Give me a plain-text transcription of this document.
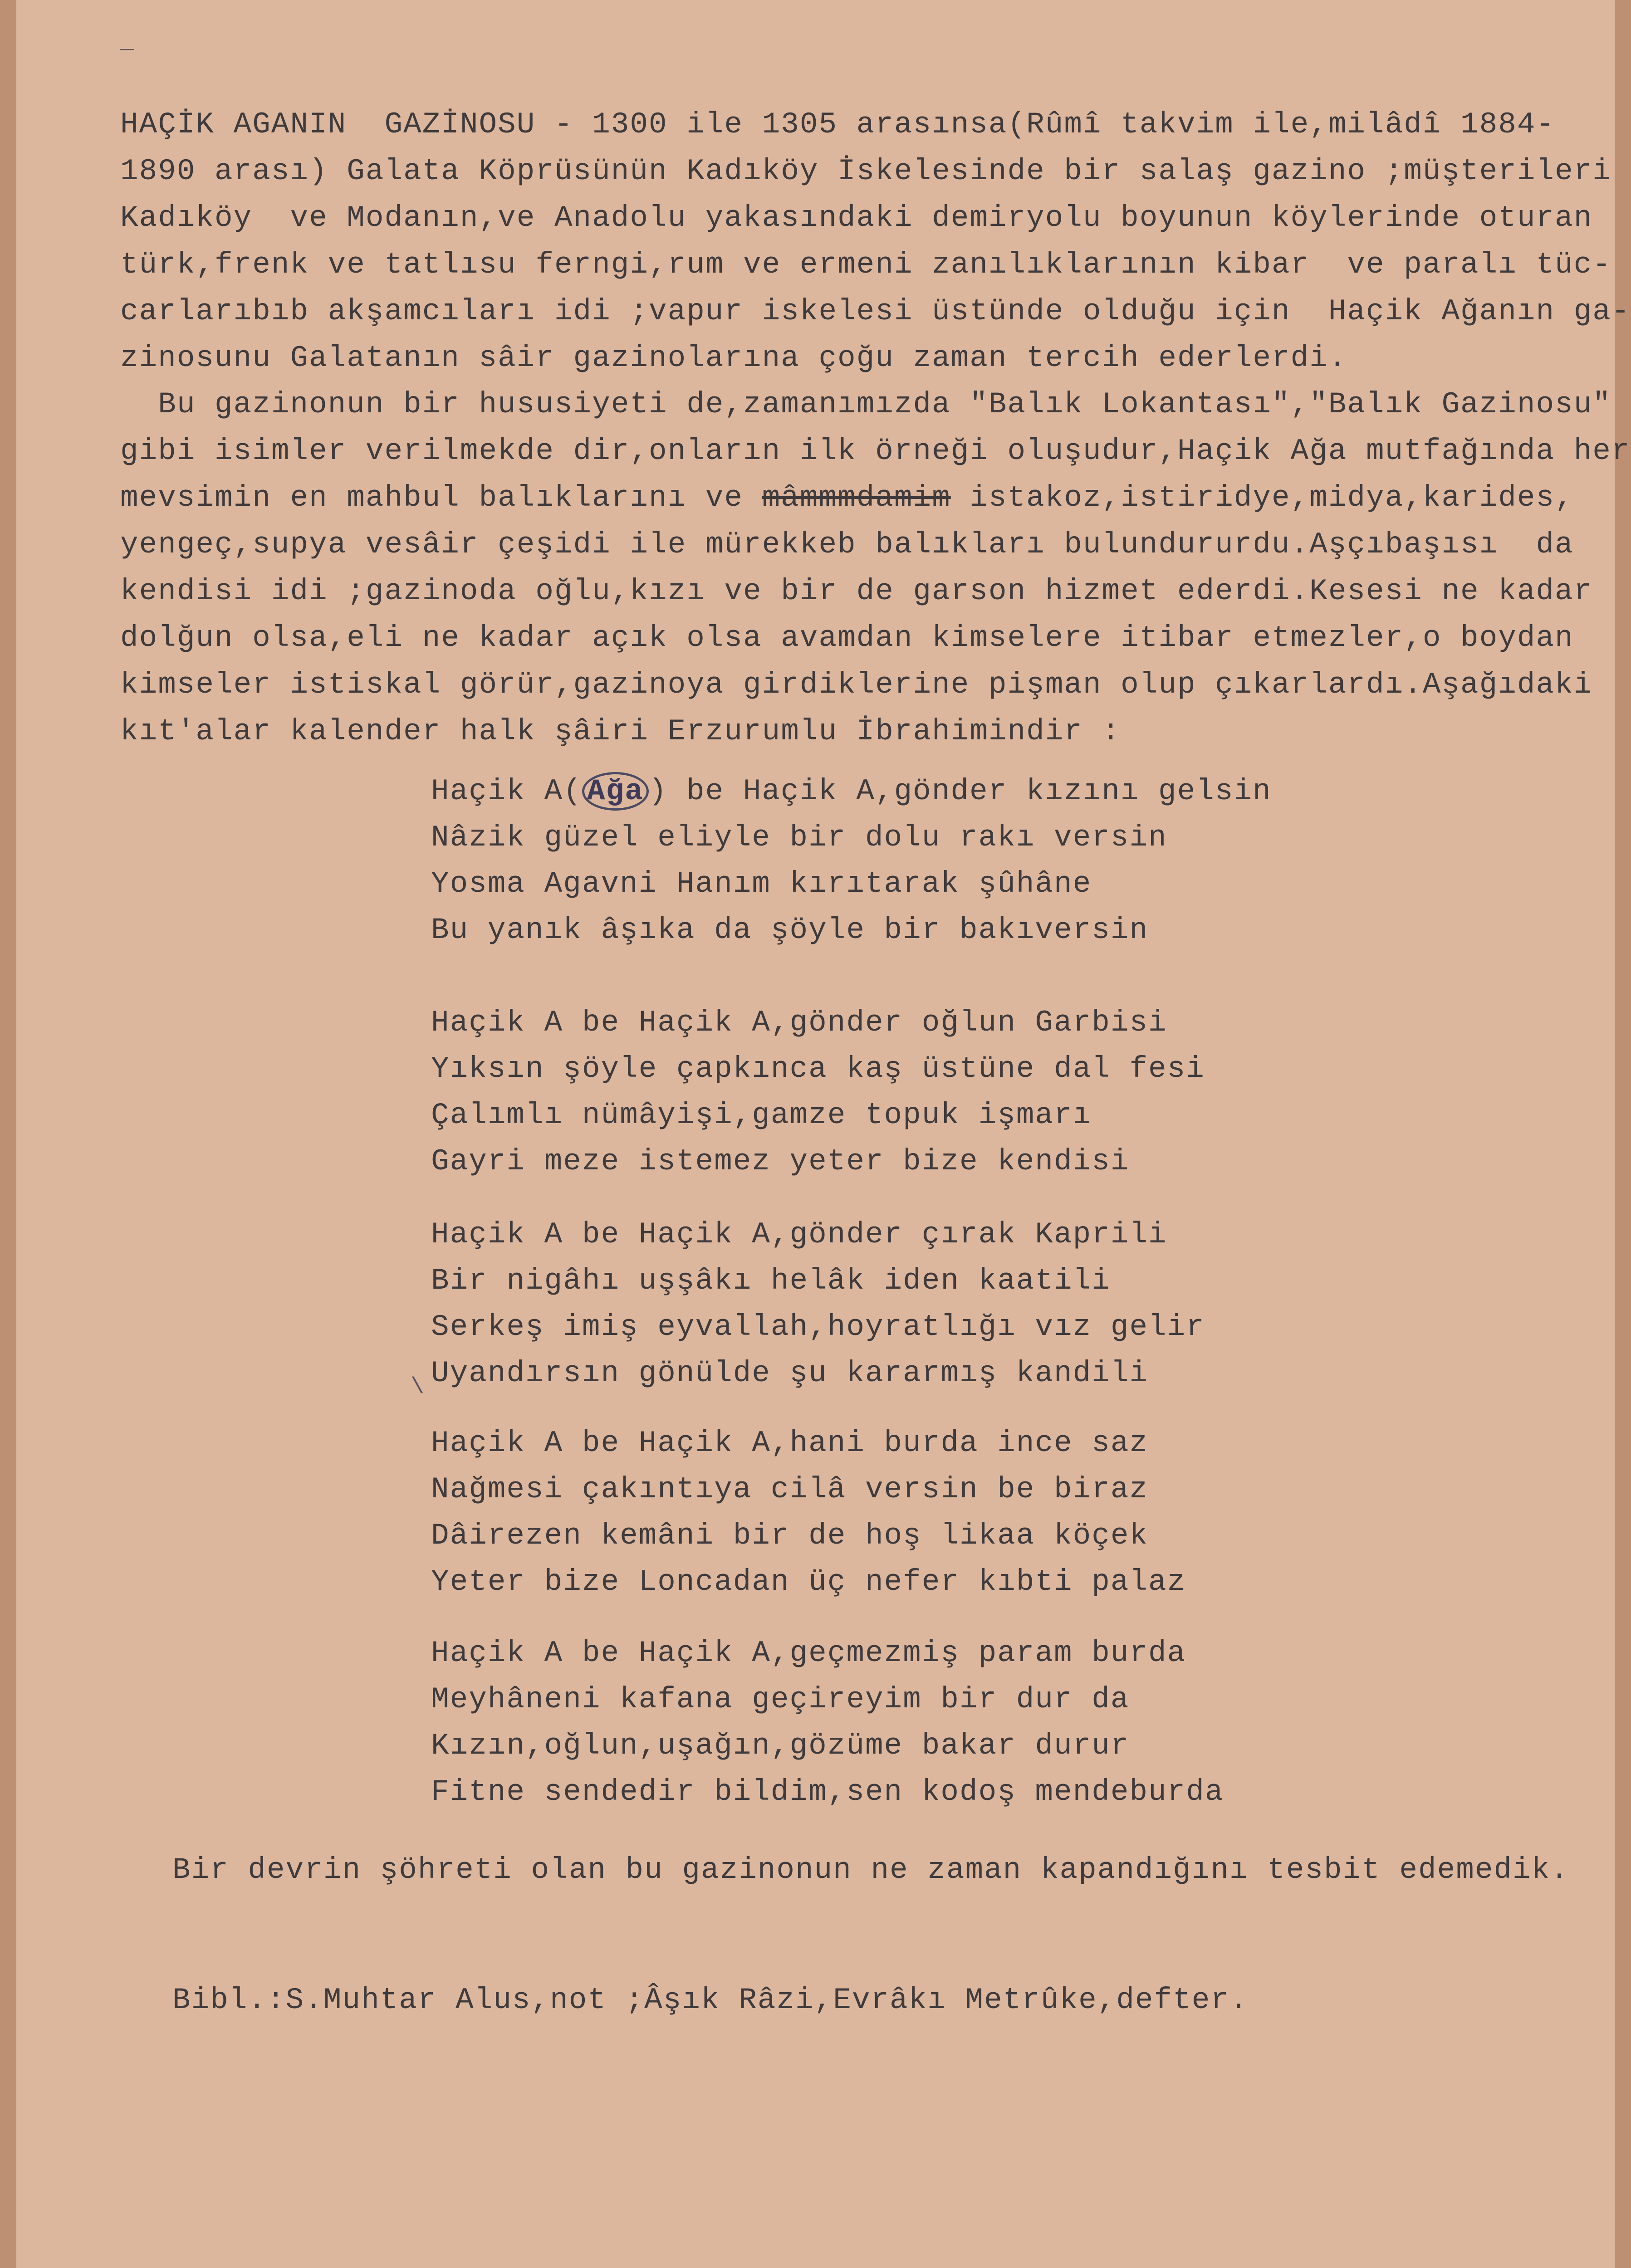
HAÇİK AGANIN  GAZİNOSU - 1300 ile 1305 arasınsa(Rûmî takvim ile,milâdî 1884-

1890 arası) Galata Köprüsünün Kadıköy İskelesinde bir salaş gazino ;müşterileri

Kadıköy  ve Modanın,ve Anadolu yakasındaki demiryolu boyunun köylerinde oturan

türk,frenk ve tatlısu ferngi,rum ve ermeni zanılıklarının kibar  ve paralı tüc-

carlarıbıb akşamcıları idi ;vapur iskelesi üstünde olduğu için  Haçik Ağanın ga-

zinosunu Galatanın sâir gazinolarına çoğu zaman tercih ederlerdi.

Bu gazinonun bir hususiyeti de,zamanımızda "Balık Lokantası","Balık Gazinosu"

gibi isimler verilmekde dir,onların ilk örneği oluşudur,Haçik Ağa mutfağında her

mevsimin en mahbul balıklarını ve mâmmmdamim istakoz,istiridye,midya,karides,

yengeç,supya vesâir çeşidi ile mürekkeb balıkları bulundururdu.Aşçıbaşısı  da

kendisi idi ;gazinoda oğlu,kızı ve bir de garson hizmet ederdi.Kesesi ne kadar

dolğun olsa,eli ne kadar açık olsa avamdan kimselere itibar etmezler,o boydan

kimseler istiskal görür,gazinoya girdiklerine pişman olup çıkarlardı.Aşağıdaki

kıt'alar kalender halk şâiri Erzurumlu İbrahimindir :

Haçik A( Ağa ) be Haçik A,gönder kızını gelsin

Nâzik güzel eliyle bir dolu rakı versin

Yosma Agavni Hanım kırıtarak şûhâne

Bu yanık âşıka da şöyle bir bakıversin

Haçik A be Haçik A,gönder oğlun Garbisi

Yıksın şöyle çapkınca kaş üstüne dal fesi

Çalımlı nümâyişi,gamze topuk işmarı

Gayri meze istemez yeter bize kendisi

Haçik A be Haçik A,gönder çırak Kaprili

Bir nigâhı uşşâkı helâk iden kaatili

Serkeş imiş eyvallah,hoyratlığı vız gelir

Uyandırsın gönülde şu kararmış kandili

Haçik A be Haçik A,hani burda ince saz

Nağmesi çakıntıya cilâ versin be biraz

Dâirezen kemâni bir de hoş likaa köçek

Yeter bize Loncadan üç nefer kıbti palaz

Haçik A be Haçik A,geçmezmiş param burda

Meyhâneni kafana geçireyim bir dur da

Kızın,oğlun,uşağın,gözüme bakar durur

Fitne sendedir bildim,sen kodoş mendeburda

Bir devrin şöhreti olan bu gazinonun ne zaman kapandığını tesbit edemedik.

Bibl.:S.Muhtar Alus,not ;Âşık Râzi,Evrâkı Metrûke,defter.

‾
\
